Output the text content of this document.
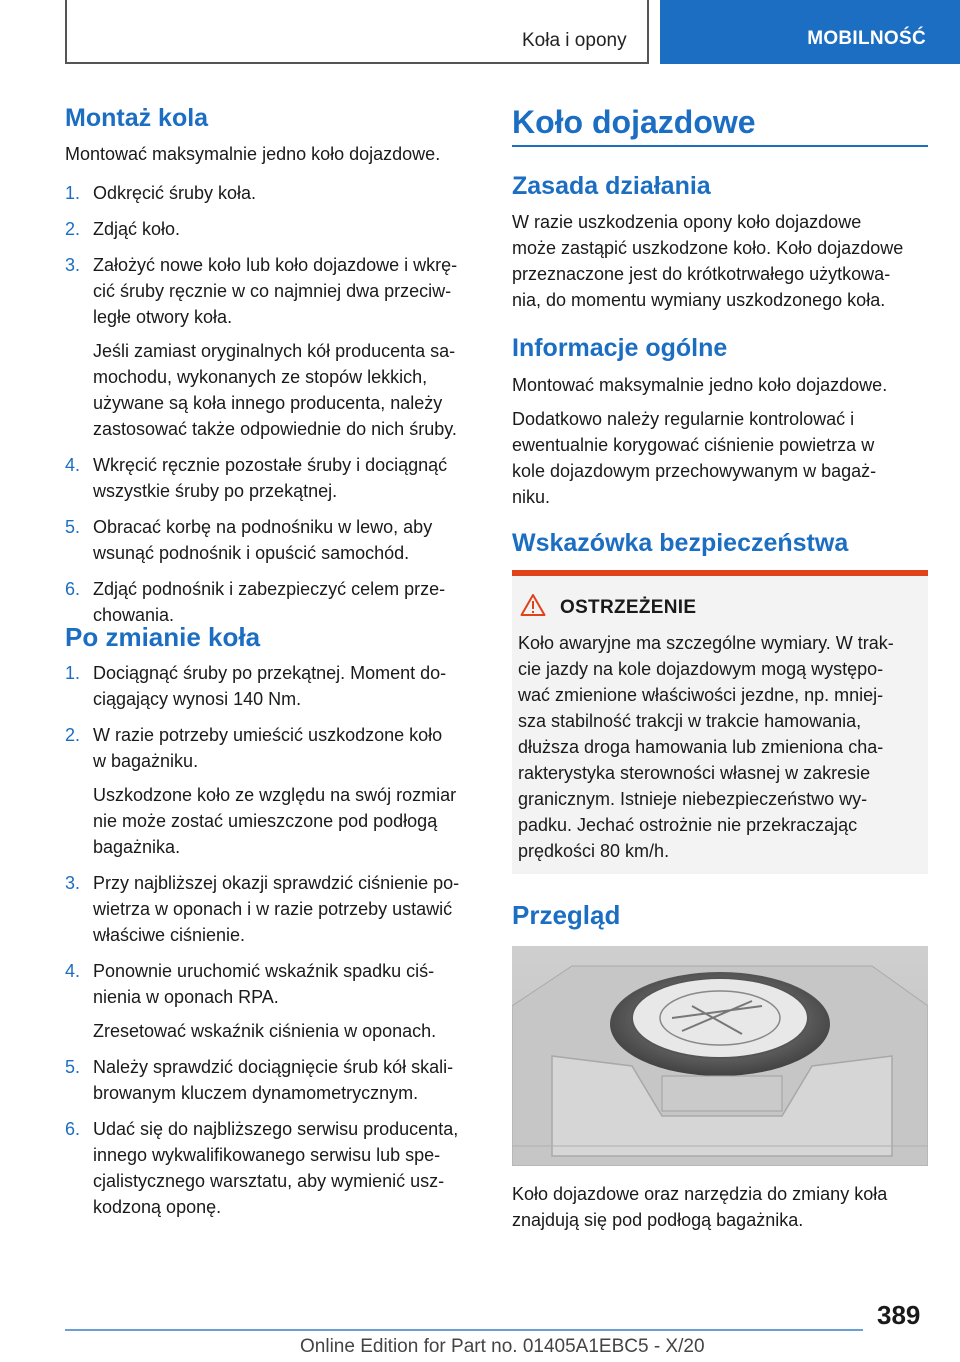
Koła i opony	MOBILNOŚĆ
Montaż kola

Montować maksymalnie jedno koło dojazdowe.

1. Odkręcić śruby koła.
2. Zdjąć koło.
3. Założyć nowe koło lub koło dojazdowe i wkrę-
cić śruby ręcznie w co najmniej dwa przeciw-
ległe otwory koła.
Jeśli zamiast oryginalnych kół producenta sa-
mochodu, wykonanych ze stopów lekkich,
używane są koła innego producenta, należy
zastosować także odpowiednie do nich śruby.
4. Wkręcić ręcznie pozostałe śruby i dociągnąć
wszystkie śruby po przekątnej.
5. Obracać korbę na podnośniku w lewo, aby
wsunąć podnośnik i opuścić samochód.
6. Zdjąć podnośnik i zabezpieczyć celem prze-
chowania.
Po zmianie koła
1. Dociągnąć śruby po przekątnej. Moment do-
ciągający wynosi 140 Nm.
2. W razie potrzeby umieścić uszkodzone koło
w bagażniku.
Uszkodzone koło ze względu na swój rozmiar
nie może zostać umieszczone pod podłogą
bagażnika.
3. Przy najbliższej okazji sprawdzić ciśnienie po-
wietrza w oponach i w razie potrzeby ustawić
właściwe ciśnienie.
4. Ponownie uruchomić wskaźnik spadku ciś-
nienia w oponach RPA.
Zresetować wskaźnik ciśnienia w oponach.
5. Należy sprawdzić dociągnięcie śrub kół skali-
browanym kluczem dynamometrycznym.
6. Udać się do najbliższego serwisu producenta,
innego wykwalifikowanego serwisu lub spe-
cjalistycznego warsztatu, aby wymienić usz-
kodzoną oponę.
Koło dojazdowe
Zasada działania

W razie uszkodzenia opony koło dojazdowe
może zastąpić uszkodzone koło. Koło dojazdowe
przeznaczone jest do krótkotrwałego użytkowa-
nia, do momentu wymiany uszkodzonego koła.

Informacje ogólne

Montować maksymalnie jedno koło dojazdowe.

Dodatkowo należy regularnie kontrolować i
ewentualnie korygować ciśnienie powietrza w
kole dojazdowym przechowywanym w bagaż-
niku.

Wskazówka bezpieczeństwa
OSTRZEŻENIE

Koło awaryjne ma szczególne wymiary. W trak-
cie jazdy na kole dojazdowym mogą występo-
wać zmienione właściwości jezdne, np. mniej-
sza stabilność trakcji w trakcie hamowania,
dłuższa droga hamowania lub zmieniona cha-
rakterystyka sterowności własnej w zakresie
granicznym. Istnieje niebezpieczeństwo wy-
padku. Jechać ostrożnie nie przekraczając
prędkości 80 km/h.

Przegląd

Koło dojazdowe oraz narzędzia do zmiany koła
znajdują się pod podłogą bagażnika.

389
Online Edition for Part no. 01405A1EBC5 - X/20
